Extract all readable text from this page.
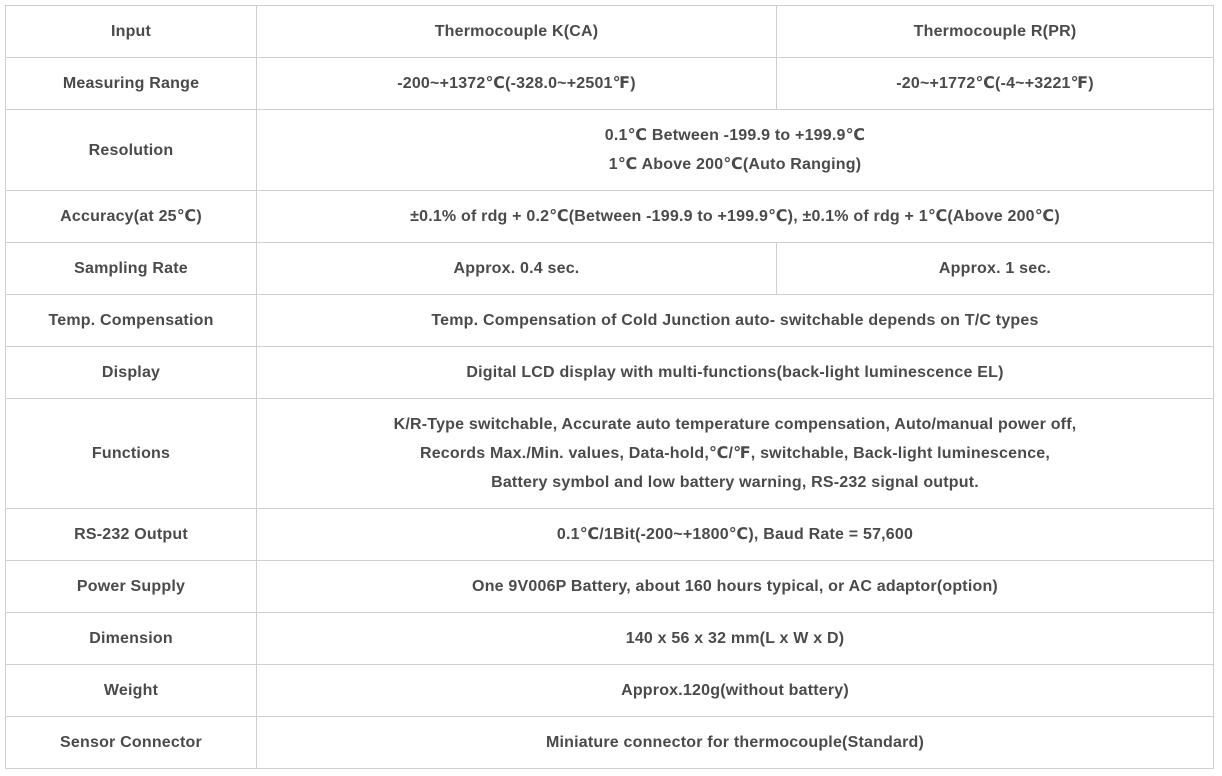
Input	Thermocouple K(CA)	Thermocouple R(PR)
Measuring Range	-200~+1372℃(-328.0~+2501℉)	-20~+1772℃(-4~+3221℉)
Resolution	0.1℃ Between -199.9 to +199.9℃
1℃ Above 200℃(Auto Ranging)	

Accuracy(at 25℃)	±0.1% of rdg + 0.2℃(Between -199.9 to +199.9℃), ±0.1% of rdg + 1℃(Above 200℃)	
Sampling Rate	Approx. 0.4 sec.	Approx. 1 sec.
Temp. Compensation	Temp. Compensation of Cold Junction auto- switchable depends on T/C types	
Display	Digital LCD display with multi-functions(back-light luminescence EL)	
Functions	K/R-Type switchable, Accurate auto temperature compensation, Auto/manual power off,
Records Max./Min. values, Data-hold,℃/℉, switchable, Back-light luminescence,
Battery symbol and low battery warning, RS-232 signal output.	

RS-232 Output	0.1℃/1Bit(-200~+1800℃), Baud Rate = 57,600	
Power Supply	One 9V006P Battery, about 160 hours typical, or AC adaptor(option)	
Dimension	140 x 56 x 32 mm(L x W x D)	
Weight	Approx.120g(without battery)	
Sensor Connector	Miniature connector for thermocouple(Standard)	
